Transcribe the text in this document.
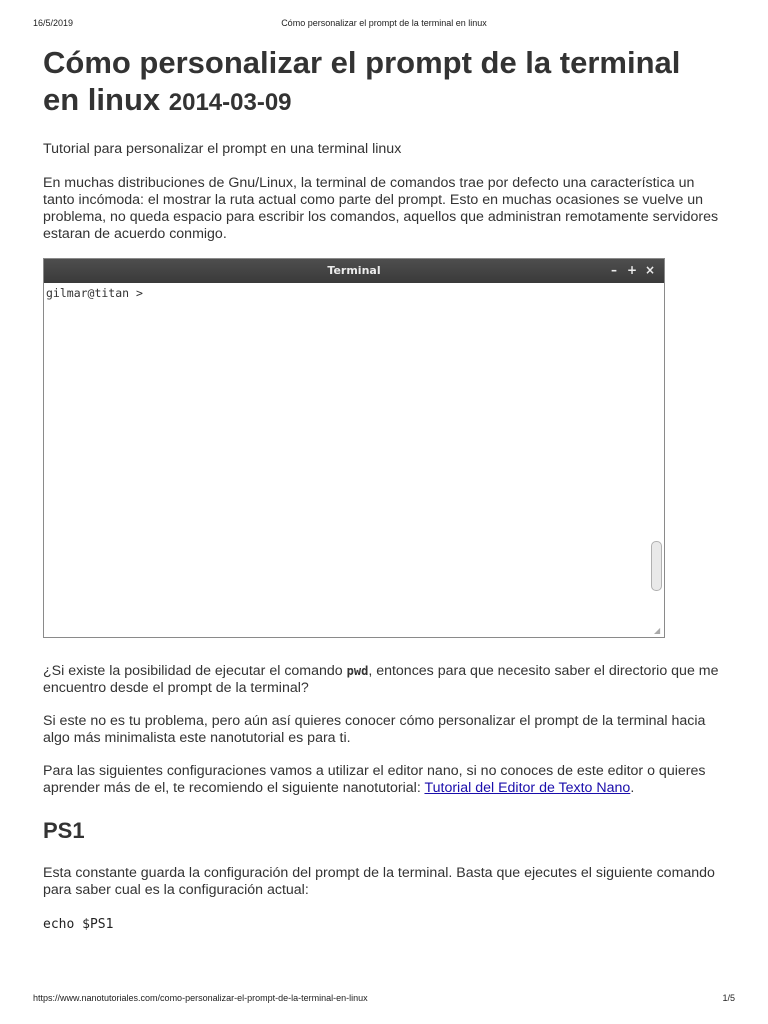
16/5/2019	Cómo personalizar el prompt de la terminal en linux
Cómo personalizar el prompt de la terminal en linux 2014-03-09

Tutorial para personalizar el prompt en una terminal linux

En muchas distribuciones de Gnu/Linux, la terminal de comandos trae por defecto una característica un tanto incómoda: el mostrar la ruta actual como parte del prompt. Esto en muchas ocasiones se vuelve un problema, no queda espacio para escribir los comandos, aquellos que administran remotamente servidores estaran de acuerdo conmigo.

Terminal	– + ×
gilmar@titan >
◢

¿Si existe la posibilidad de ejecutar el comando pwd, entonces para que necesito saber el directorio que me encuentro desde el prompt de la terminal?

Si este no es tu problema, pero aún así quieres conocer cómo personalizar el prompt de la terminal hacia algo más minimalista este nanotutorial es para ti.

Para las siguientes configuraciones vamos a utilizar el editor nano, si no conoces de este editor o quieres aprender más de el, te recomiendo el siguiente nanotutorial: Tutorial del Editor de Texto Nano.

PS1

Esta constante guarda la configuración del prompt de la terminal. Basta que ejecutes el siguiente comando para saber cual es la configuración actual:

echo $PS1
https://www.nanotutoriales.com/como-personalizar-el-prompt-de-la-terminal-en-linux	1/5
